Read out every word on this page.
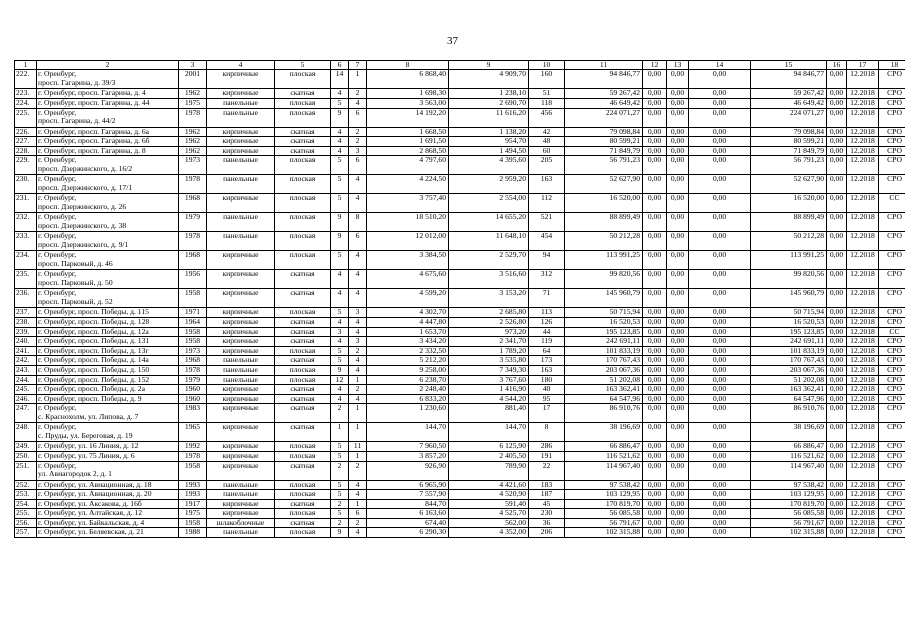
37
1	2	3	4	5	6	7	8	9	10	11	12	13	14	15	16	17	18
222.	г. Оренбург,
просп. Гагарина, д. 39/3	2001	кирпичные	плоская	14	1	6 868,40	4 909,70	160	94 846,77	0,00	0,00	0,00	94 846,77	0,00	12.2018	СРО
223.	г. Оренбург, просп. Гагарина, д. 4	1962	кирпичные	скатная	4	2	1 698,30	1 238,10	51	59 267,42	0,00	0,00	0,00	59 267,42	0,00	12.2018	СРО
224.	г. Оренбург, просп. Гагарина, д. 44	1975	панельные	плоская	5	4	3 563,00	2 690,70	118	46 649,42	0,00	0,00	0,00	46 649,42	0,00	12.2018	СРО
225.	г. Оренбург,
просп. Гагарина, д. 44/2	1978	панельные	плоская	9	6	14 192,20	11 616,20	456	224 071,27	0,00	0,00	0,00	224 071,27	0,00	12.2018	СРО
226.	г. Оренбург, просп. Гагарина, д. 6а	1962	кирпичные	скатная	4	2	1 668,50	1 138,20	42	79 098,84	0,00	0,00	0,00	79 098,84	0,00	12.2018	СРО
227.	г. Оренбург, просп. Гагарина, д. 6б	1962	кирпичные	скатная	4	2	1 691,50	954,70	48	80 599,21	0,00	0,00	0,00	80 599,21	0,00	12.2018	СРО
228.	г. Оренбург, просп. Гагарина, д. 8	1962	кирпичные	скатная	4	3	2 868,50	1 494,50	60	71 849,79	0,00	0,00	0,00	71 849,79	0,00	12.2018	СРО
229.	г. Оренбург,
просп. Дзержинского, д. 16/2	1973	панельные	плоская	5	6	4 797,60	4 395,60	205	56 791,23	0,00	0,00	0,00	56 791,23	0,00	12.2018	СРО
230.	г. Оренбург,
просп. Дзержинского, д. 17/1	1978	панельные	плоская	5	4	4 224,50	2 959,20	163	52 627,90	0,00	0,00	0,00	52 627,90	0,00	12.2018	СРО
231.	г. Оренбург,
просп. Дзержинского, д. 26	1968	кирпичные	плоская	5	4	3 757,40	2 554,00	112	16 520,00	0,00	0,00	0,00	16 520,00	0,00	12.2018	СС
232.	г. Оренбург,
просп. Дзержинского, д. 38	1979	панельные	плоская	9	8	18 510,20	14 655,20	521	88 899,49	0,00	0,00	0,00	88 899,49	0,00	12.2018	СРО
233.	г. Оренбург,
просп. Дзержинского, д. 9/1	1978	панельные	плоская	9	6	12 012,00	11 648,10	454	50 212,28	0,00	0,00	0,00	50 212,28	0,00	12.2018	СРО
234.	г. Оренбург,
просп. Парковый, д. 46	1968	кирпичные	плоская	5	4	3 384,50	2 529,70	94	113 991,25	0,00	0,00	0,00	113 991,25	0,00	12.2018	СРО
235.	г. Оренбург,
просп. Парковый, д. 50	1956	кирпичные	скатная	4	4	4 675,60	3 516,60	312	99 820,56	0,00	0,00	0,00	99 820,56	0,00	12.2018	СРО
236.	г. Оренбург,
просп. Парковый, д. 52	1958	кирпичные	скатная	4	4	4 599,20	3 153,20	71	145 960,79	0,00	0,00	0,00	145 960,79	0,00	12.2018	СРО
237.	г. Оренбург, просп. Победы, д. 115	1971	кирпичные	плоская	5	3	4 302,70	2 685,80	113	50 715,94	0,00	0,00	0,00	50 715,94	0,00	12.2018	СРО
238.	г. Оренбург, просп. Победы, д. 128	1964	кирпичные	скатная	4	4	4 447,80	2 526,80	126	16 520,53	0,00	0,00	0,00	16 520,53	0,00	12.2018	СРО
239.	г. Оренбург, просп. Победы, д. 12а	1958	кирпичные	скатная	3	4	1 653,70	973,20	44	195 123,85	0,00	0,00	0,00	195 123,85	0,00	12.2018	СС
240.	г. Оренбург, просп. Победы, д. 131	1958	кирпичные	скатная	4	3	3 434,20	2 341,70	119	242 691,11	0,00	0,00	0,00	242 691,11	0,00	12.2018	СРО
241.	г. Оренбург, просп. Победы, д. 13г	1973	кирпичные	плоская	5	2	2 332,50	1 789,20	64	101 833,19	0,00	0,00	0,00	101 833,19	0,00	12.2018	СРО
242.	г. Оренбург, просп. Победы, д. 14а	1968	панельные	скатная	5	4	5 212,20	3 535,80	173	170 767,43	0,00	0,00	0,00	170 767,43	0,00	12.2018	СРО
243.	г. Оренбург, просп. Победы, д. 150	1978	панельные	плоская	9	4	9 258,00	7 349,30	163	203 067,36	0,00	0,00	0,00	203 067,36	0,00	12.2018	СРО
244.	г. Оренбург, просп. Победы, д. 152	1979	панельные	плоская	12	1	6 238,70	3 767,60	180	51 202,08	0,00	0,00	0,00	51 202,08	0,00	12.2018	СРО
245.	г. Оренбург, просп. Победы, д. 2а	1960	кирпичные	скатная	4	2	2 248,40	1 416,90	40	163 362,41	0,00	0,00	0,00	163 362,41	0,00	12.2018	СРО
246.	г. Оренбург, просп. Победы, д. 9	1960	кирпичные	скатная	4	4	6 833,20	4 544,20	95	64 547,96	0,00	0,00	0,00	64 547,96	0,00	12.2018	СРО
247.	г. Оренбург,
с. Краснохолм, ул. Липова, д. 7	1983	кирпичные	скатная	2	1	1 230,60	881,40	17	86 910,76	0,00	0,00	0,00	86 910,76	0,00	12.2018	СРО
248.	г. Оренбург,
с. Пруды, ул. Береговая, д. 19	1965	кирпичные	скатная	1	1	144,70	144,70	8	38 196,69	0,00	0,00	0,00	38 196,69	0,00	12.2018	СРО
249.	г. Оренбург, ул. 16 Линия, д. 12	1992	кирпичные	плоская	5	11	7 960,50	6 125,90	286	66 886,47	0,00	0,00	0,00	66 886,47	0,00	12.2018	СРО
250.	г. Оренбург, ул. 75 Линия, д. 6	1978	кирпичные	плоская	5	1	3 857,20	2 405,50	191	116 521,62	0,00	0,00	0,00	116 521,62	0,00	12.2018	СРО
251.	г. Оренбург,
ул. Авиагородок 2, д. 1	1958	кирпичные	скатная	2	2	926,90	789,90	22	114 967,40	0,00	0,00	0,00	114 967,40	0,00	12.2018	СРО
252.	г. Оренбург, ул. Авиационная, д. 18	1993	панельные	плоская	5	4	6 965,90	4 421,60	183	97 538,42	0,00	0,00	0,00	97 538,42	0,00	12.2018	СРО
253.	г. Оренбург, ул. Авиационная, д. 20	1993	панельные	плоская	5	4	7 557,90	4 520,90	187	103 129,95	0,00	0,00	0,00	103 129,95	0,00	12.2018	СРО
254.	г. Оренбург, ул. Аксакова, д. 16б	1917	кирпичные	скатная	2	1	844,70	591,40	45	170 819,70	0,00	0,00	0,00	170 819,70	0,00	12.2018	СРО
255.	г. Оренбург, ул. Алтайская, д. 12	1975	кирпичные	плоская	5	6	6 163,60	4 525,70	230	56 085,58	0,00	0,00	0,00	56 085,58	0,00	12.2018	СРО
256.	г. Оренбург, ул. Байкальская, д. 4	1958	шлакоблочные	скатная	2	2	674,40	562,00	36	56 791,67	0,00	0,00	0,00	56 791,67	0,00	12.2018	СРО
257.	г. Оренбург, ул. Беляевская, д. 21	1988	панельные	плоская	9	4	6 290,30	4 352,00	206	102 315,88	0,00	0,00	0,00	102 315,88	0,00	12.2018	СРО
